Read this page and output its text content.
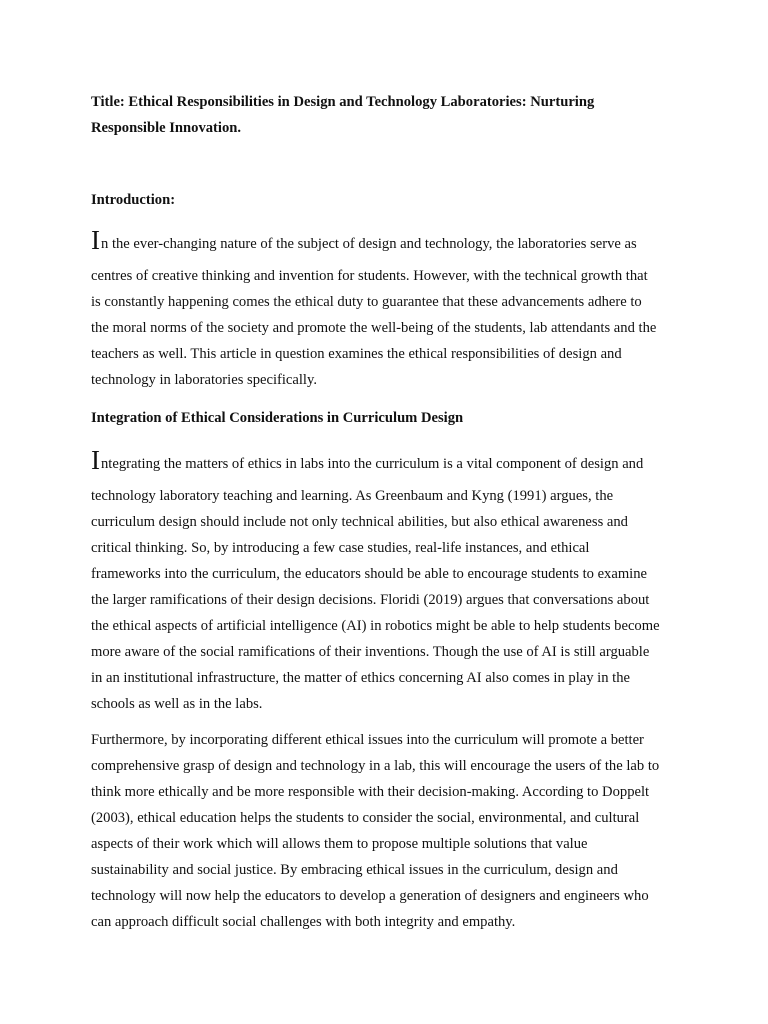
Title: Ethical Responsibilities in Design and Technology Laboratories: Nurturing
Responsible Innovation.
Introduction:

In the ever-changing nature of the subject of design and technology, the laboratories serve as
centres of creative thinking and invention for students. However, with the technical growth that
is constantly happening comes the ethical duty to guarantee that these advancements adhere to
the moral norms of the society and promote the well-being of the students, lab attendants and the
teachers as well. This article in question examines the ethical responsibilities of design and
technology in laboratories specifically.

Integration of Ethical Considerations in Curriculum Design

Integrating the matters of ethics in labs into the curriculum is a vital component of design and
technology laboratory teaching and learning. As Greenbaum and Kyng (1991) argues, the
curriculum design should include not only technical abilities, but also ethical awareness and
critical thinking. So, by introducing a few case studies, real-life instances, and ethical
frameworks into the curriculum, the educators should be able to encourage students to examine
the larger ramifications of their design decisions. Floridi (2019) argues that conversations about
the ethical aspects of artificial intelligence (AI) in robotics might be able to help students become
more aware of the social ramifications of their inventions. Though the use of AI is still arguable
in an institutional infrastructure, the matter of ethics concerning AI also comes in play in the
schools as well as in the labs.

Furthermore, by incorporating different ethical issues into the curriculum will promote a better
comprehensive grasp of design and technology in a lab, this will encourage the users of the lab to
think more ethically and be more responsible with their decision-making. According to Doppelt
(2003), ethical education helps the students to consider the social, environmental, and cultural
aspects of their work which will allows them to propose multiple solutions that value
sustainability and social justice. By embracing ethical issues in the curriculum, design and
technology will now help the educators to develop a generation of designers and engineers who
can approach difficult social challenges with both integrity and empathy.
